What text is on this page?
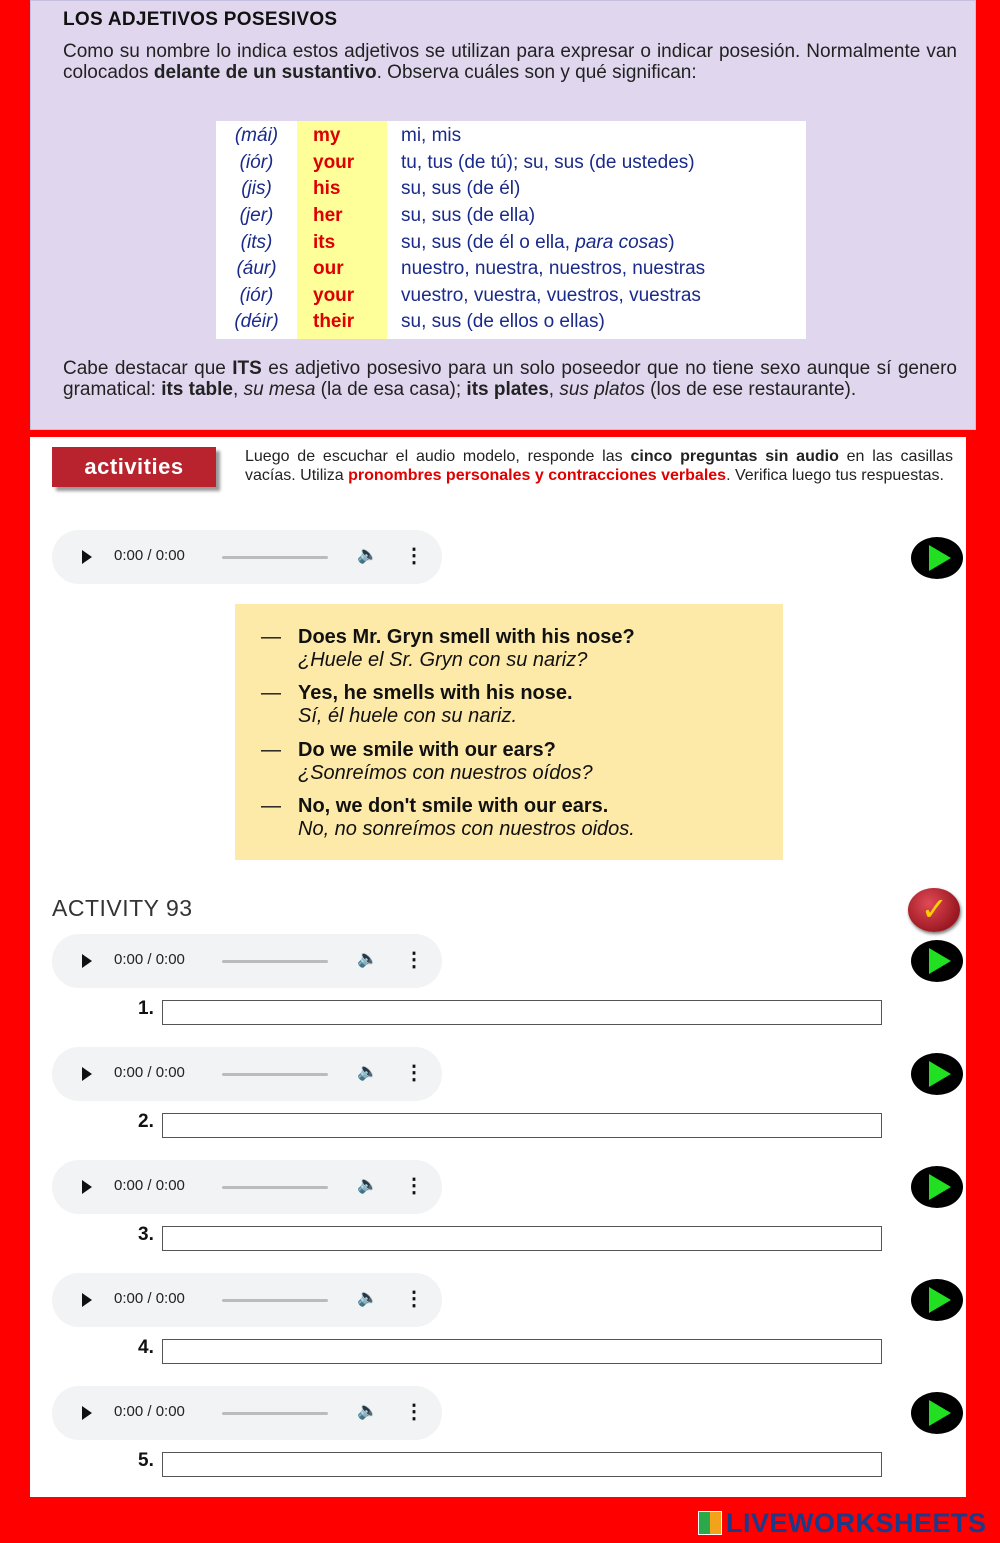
LOS ADJETIVOS POSESIVOS
Como su nombre lo indica estos adjetivos se utilizan para expresar o indicar posesión. Normalmente van colocados delante de un sustantivo. Observa cuáles son y qué significan:
(mái)	my	mi, mis
(iór)	your tu, tus (de tú); su, sus (de ustedes)
(jis)	his	su, sus (de él)
(jer)	her	su, sus (de ella)
(its)	its	su, sus (de él o ella, para cosas)
(áur)	our	nuestro, nuestra, nuestros, nuestras
(iór)	your vuestro, vuestra, vuestros, vuestras
(déir)	their su, sus (de ellos o ellas)
Cabe destacar que ITS es adjetivo posesivo para un solo poseedor que no tiene sexo aunque sí genero gramatical: its table, su mesa (la de esa casa); its plates, sus platos (los de ese restaurante).
activities	Luego de escuchar el audio modelo, responde las cinco preguntas sin audio en las casillas vacías. Utiliza pronombres personales y contracciones verbales. Verifica luego tus respuestas.
0:00 / 0:00	🔈 ⋮
— Does Mr. Gryn smell with his nose?
¿Huele el Sr. Gryn con su nariz?
— Yes, he smells with his nose.
Sí, él huele con su nariz.
— Do we smile with our ears?
¿Sonreímos con nuestros oídos?
— No, we don't smile with our ears.
No, no sonreímos con nuestros oidos.
ACTIVITY 93	✓
0:00 / 0:00	🔈 ⋮
1.
0:00 / 0:00	🔈 ⋮
2.
0:00 / 0:00	🔈 ⋮
3.
0:00 / 0:00	🔈 ⋮
4.
0:00 / 0:00	🔈 ⋮
5.
LIVEWORKSHEETS
